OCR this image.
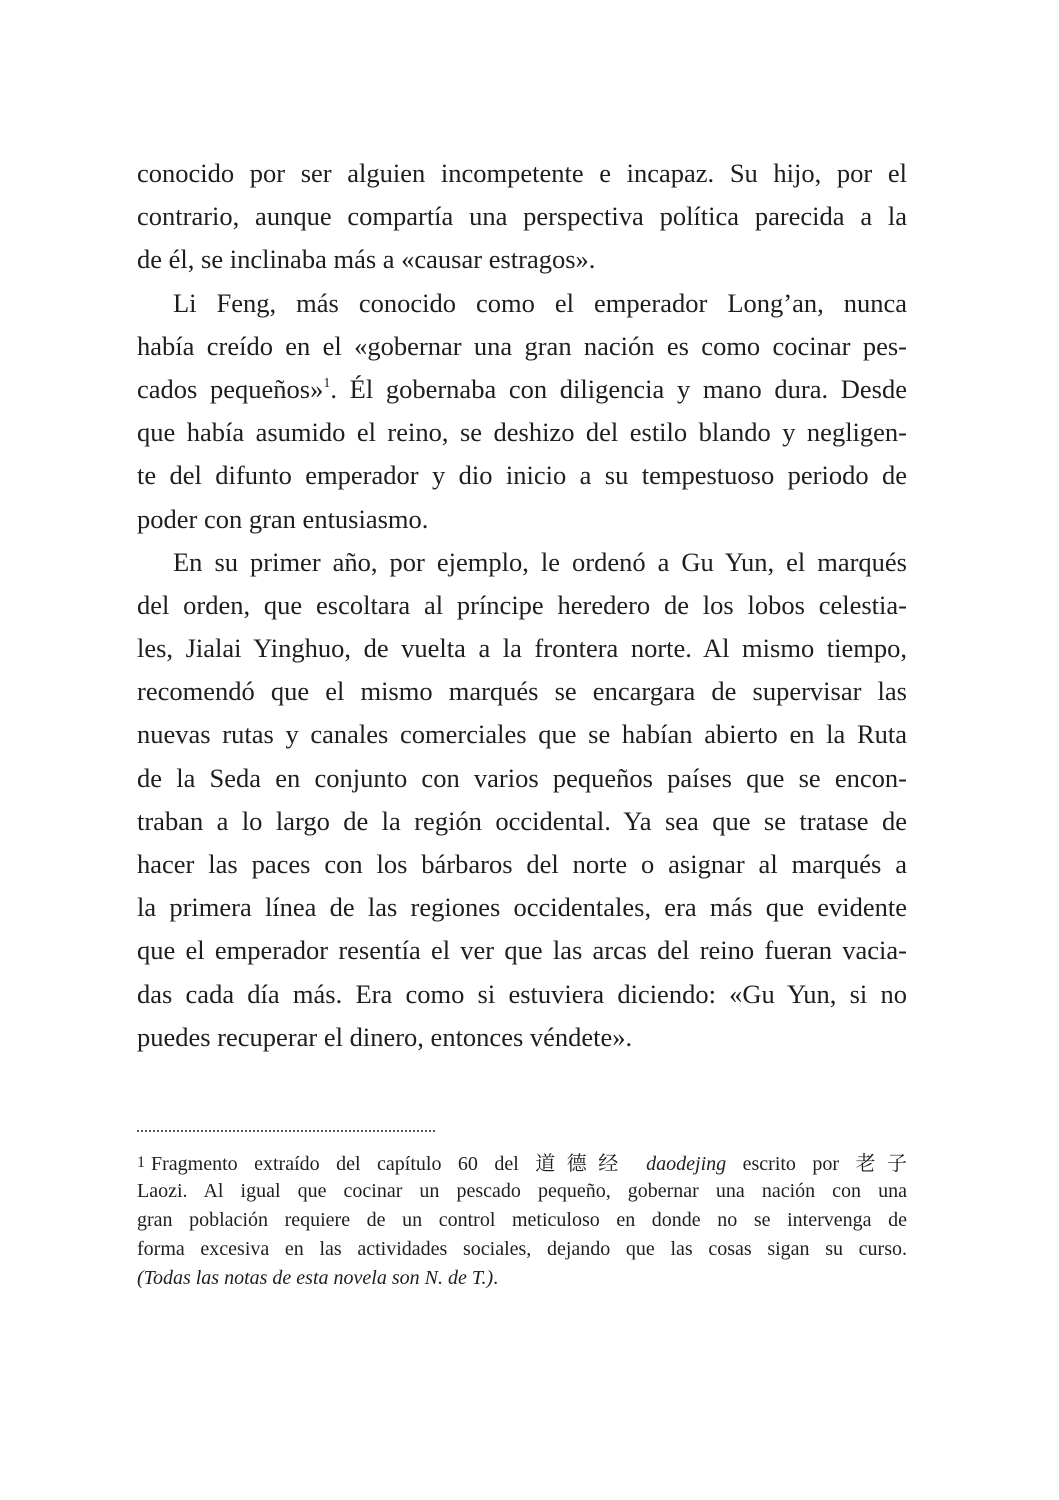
conocido por ser alguien incompetente e incapaz. Su hijo, por el
contrario, aunque compartía una perspectiva política parecida a la
de él, se inclinaba más a «causar estragos».
Li Feng, más conocido como el emperador Long’an, nunca
había creído en el «gobernar una gran nación es como cocinar pes-
cados pequeños»$^1$. Él gobernaba con diligencia y mano dura. Desde
que había asumido el reino, se deshizo del estilo blando y negligen-
te del difunto emperador y dio inicio a su tempestuoso periodo de
poder con gran entusiasmo.
En su primer año, por ejemplo, le ordenó a Gu Yun, el marqués
del orden, que escoltara al príncipe heredero de los lobos celestia-
les, Jialai Yinghuo, de vuelta a la frontera norte. Al mismo tiempo,
recomendó que el mismo marqués se encargara de supervisar las
nuevas rutas y canales comerciales que se habían abierto en la Ruta
de la Seda en conjunto con varios pequeños países que se encon-
traban a lo largo de la región occidental. Ya sea que se tratase de
hacer las paces con los bárbaros del norte o asignar al marqués a
la primera línea de las regiones occidentales, era más que evidente
que el emperador resentía el ver que las arcas del reino fueran vacia-
das cada día más. Era como si estuviera diciendo: «Gu Yun, si no
puedes recuperar el dinero, entonces véndete».
1 Fragmento extraído del capítulo 60 del 道德经 daodejing escrito por 老子
Laozi. Al igual que cocinar un pescado pequeño, gobernar una nación con una
gran población requiere de un control meticuloso en donde no se intervenga de
forma excesiva en las actividades sociales, dejando que las cosas sigan su curso.
(Todas las notas de esta novela son N. de T.).
